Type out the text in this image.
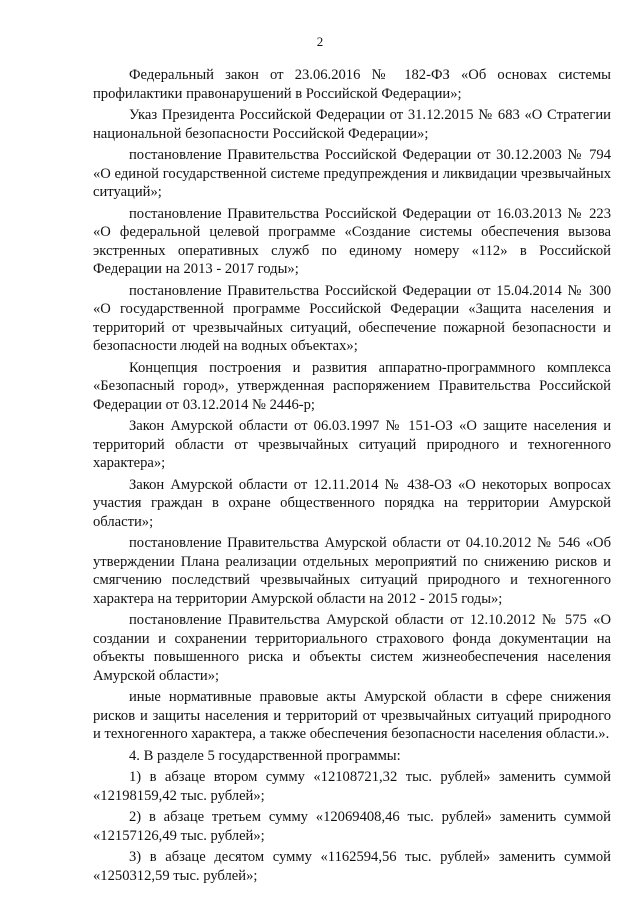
2

Федеральный закон от 23.06.2016 № 182-ФЗ «Об основах системы профилактики правонарушений в Российской Федерации»;

Указ Президента Российской Федерации от 31.12.2015 № 683 «О Стратегии национальной безопасности Российской Федерации»;

постановление Правительства Российской Федерации от 30.12.2003 № 794 «О единой государственной системе предупреждения и ликвидации чрезвычайных ситуаций»;

постановление Правительства Российской Федерации от 16.03.2013 № 223 «О федеральной целевой программе «Создание системы обеспечения вызова экстренных оперативных служб по единому номеру «112» в Российской Федерации на 2013 - 2017 годы»;

постановление Правительства Российской Федерации от 15.04.2014 № 300 «О государственной программе Российской Федерации «Защита населения и территорий от чрезвычайных ситуаций, обеспечение пожарной безопасности и безопасности людей на водных объектах»;

Концепция построения и развития аппаратно-программного комплекса «Безопасный город», утвержденная распоряжением Правительства Российской Федерации от 03.12.2014 № 2446-р;

Закон Амурской области от 06.03.1997 № 151-ОЗ «О защите населения и территорий области от чрезвычайных ситуаций природного и техногенного характера»;

Закон Амурской области от 12.11.2014 № 438-ОЗ «О некоторых вопросах участия граждан в охране общественного порядка на территории Амурской области»;

постановление Правительства Амурской области от 04.10.2012 № 546 «Об утверждении Плана реализации отдельных мероприятий по снижению рисков и смягчению последствий чрезвычайных ситуаций природного и техногенного характера на территории Амурской области на 2012 - 2015 годы»;

постановление Правительства Амурской области от 12.10.2012 № 575 «О создании и сохранении территориального страхового фонда документации на объекты повышенного риска и объекты систем жизнеобеспечения населения Амурской области»;

иные нормативные правовые акты Амурской области в сфере снижения рисков и защиты населения и территорий от чрезвычайных ситуаций природного и техногенного характера, а также обеспечения безопасности населения области.».

4. В разделе 5 государственной программы:

1) в абзаце втором сумму «12108721,32 тыс. рублей» заменить суммой «12198159,42 тыс. рублей»;

2) в абзаце третьем сумму «12069408,46 тыс. рублей» заменить суммой «12157126,49 тыс. рублей»;

3) в абзаце десятом сумму «1162594,56 тыс. рублей» заменить суммой «1250312,59 тыс. рублей»;
